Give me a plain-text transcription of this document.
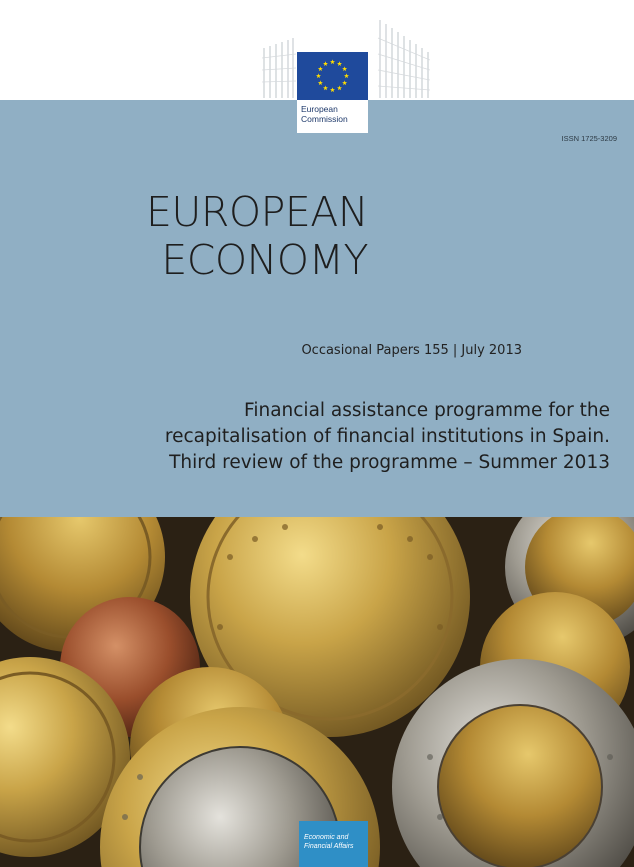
European
Commission
ISSN 1725-3209
EUROPEAN
ECONOMY
Occasional Papers 155 | July 2013
Financial assistance programme for the
recapitalisation of financial institutions in Spain.
Third review of the programme – Summer 2013
Economic and
Financial Affairs
